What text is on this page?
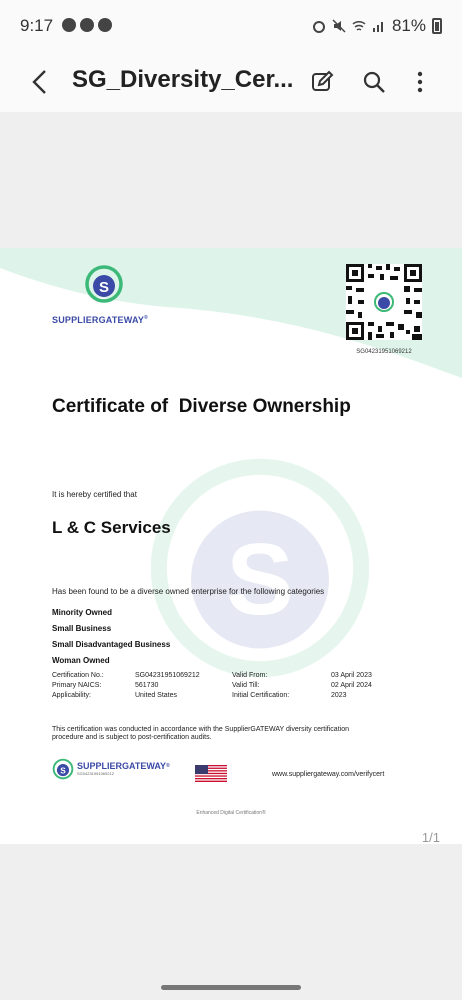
9:17	81%
SG_Diversity_Cer...
S
S
SUPPLIERGATEWAY®
SG04231951069212
Certificate of  Diverse Ownership
It is hereby certified that
L & C Services
Has been found to be a diverse owned enterprise for the following categories
Minority Owned
Small Business
Small Disadvantaged Business
Woman Owned
Certification No.:	SG04231951069212	Valid From:	03 April 2023
Primary NAICS:	561730	Valid Till:	02 April 2024
Applicability:	United States	Initial Certification:	2023
This certification was conducted in accordance with the SupplierGATEWAY diversity certification
procedure and is subject to post-certification audits.
S SUPPLIERGATEWAY®
SG04231951069212	www.suppliergateway.com/verifycert
Enhanced Digital Certification®
1/1
